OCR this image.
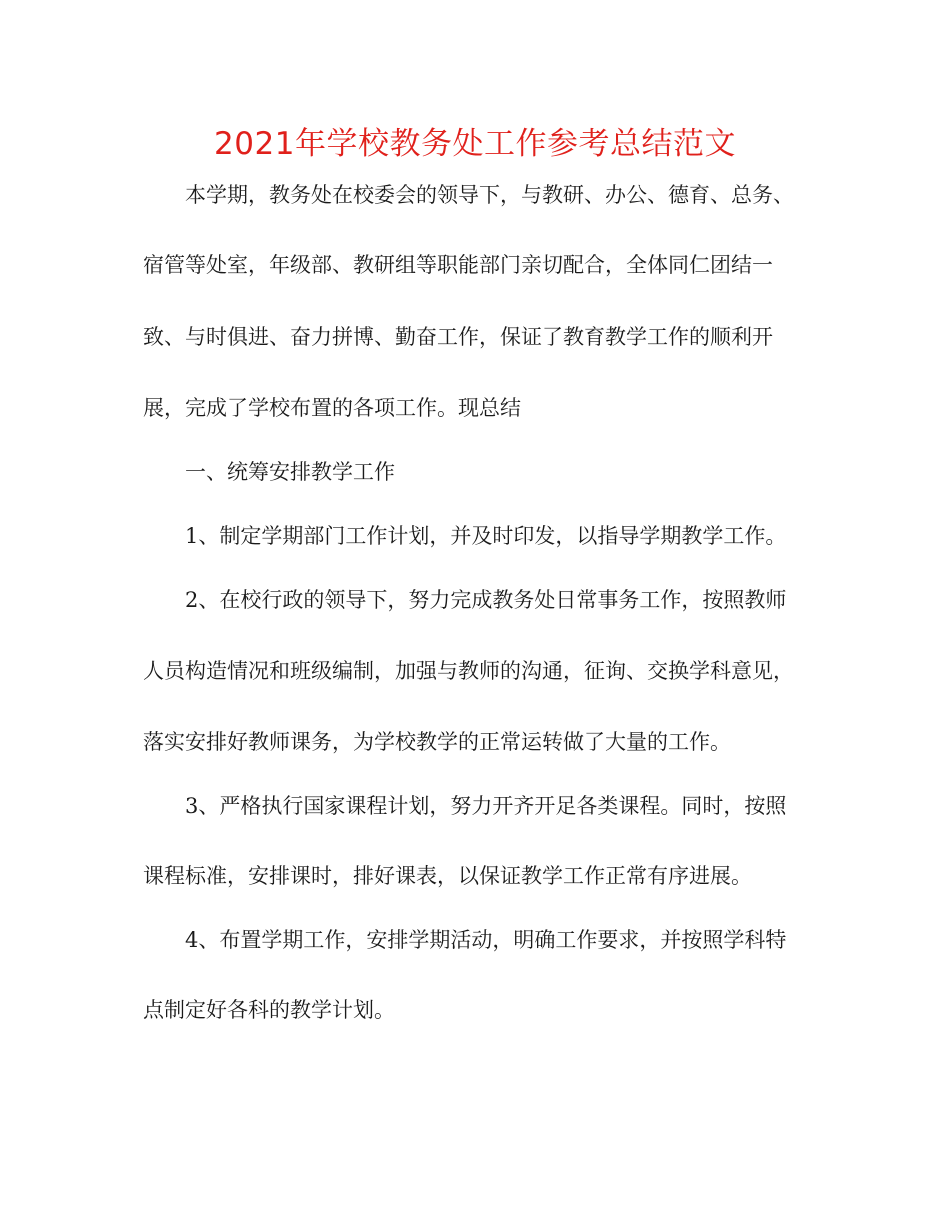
2021年学校教务处工作参考总结范文
本学期，教务处在校委会的领导下，与教研、办公、德育、总务、
宿管等处室，年级部、教研组等职能部门亲切配合，全体同仁团结一
致、与时俱进、奋力拼博、勤奋工作，保证了教育教学工作的顺利开
展，完成了学校布置的各项工作。现总结
一、统筹安排教学工作
1、制定学期部门工作计划，并及时印发，以指导学期教学工作。
2、在校行政的领导下，努力完成教务处日常事务工作，按照教师
人员构造情况和班级编制，加强与教师的沟通，征询、交换学科意见，
落实安排好教师课务，为学校教学的正常运转做了大量的工作。
3、严格执行国家课程计划，努力开齐开足各类课程。同时，按照
课程标准，安排课时，排好课表，以保证教学工作正常有序进展。
4、布置学期工作，安排学期活动，明确工作要求，并按照学科特
点制定好各科的教学计划。
